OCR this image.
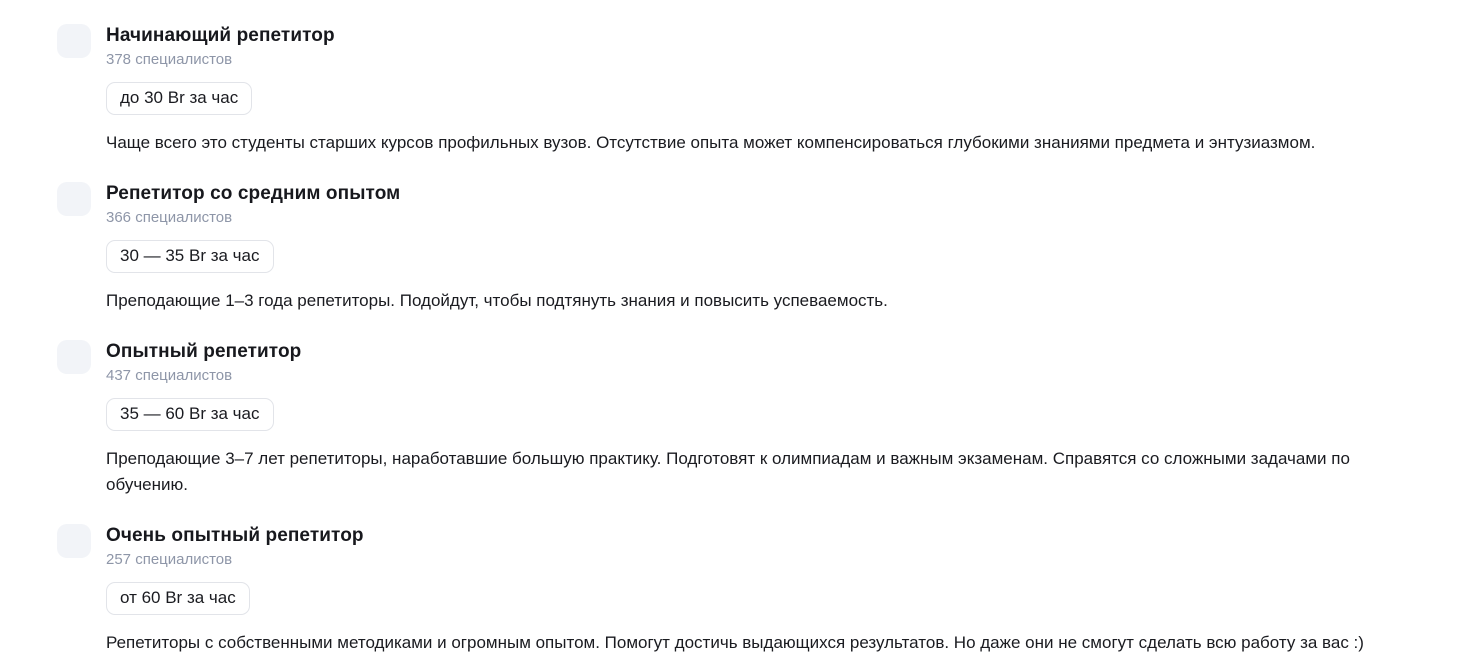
Начинающий репетитор
378 специалистов
до 30 Br за час

Чаще всего это студенты старших курсов профильных вузов. Отсутствие опыта может компенсироваться глубокими знаниями предмета и энтузиазмом.

Репетитор со средним опытом
366 специалистов
30 — 35 Br за час

Преподающие 1–3 года репетиторы. Подойдут, чтобы подтянуть знания и повысить успеваемость.

Опытный репетитор
437 специалистов
35 — 60 Br за час

Преподающие 3–7 лет репетиторы, наработавшие большую практику. Подготовят к олимпиадам и важным экзаменам. Справятся со сложными задачами по обучению.

Очень опытный репетитор
257 специалистов
от 60 Br за час

Репетиторы с собственными методиками и огромным опытом. Помогут достичь выдающихся результатов. Но даже они не смогут сделать всю работу за вас :)
